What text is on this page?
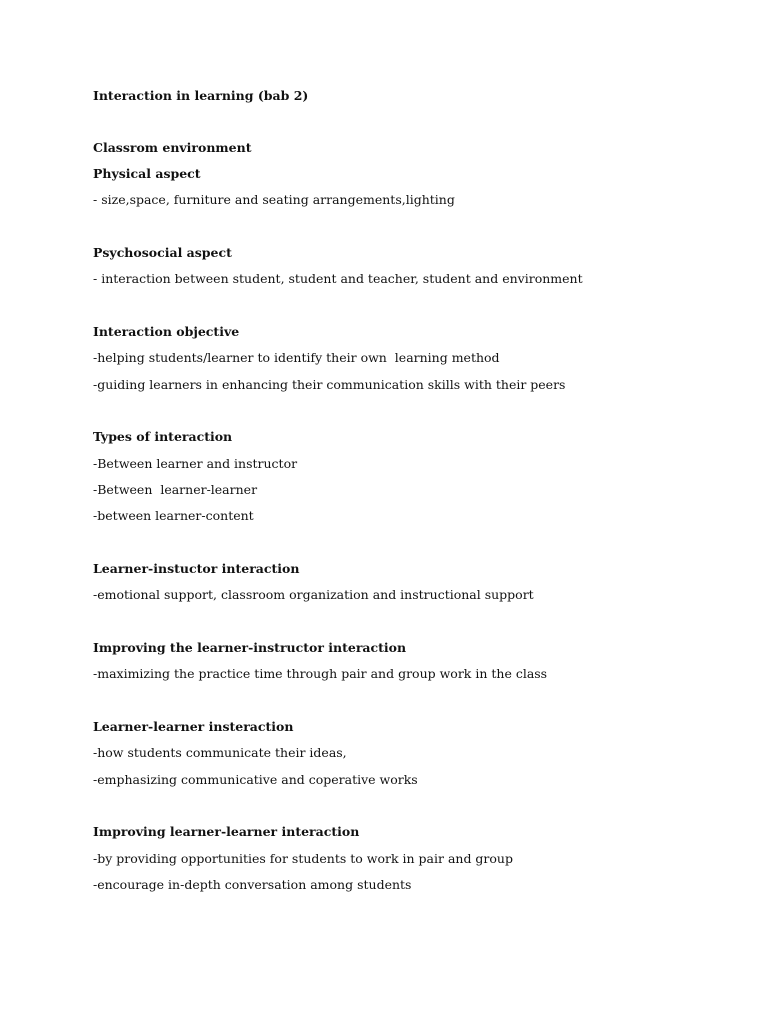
Interaction in learning (bab 2)
Classrom environment
Physical aspect
- size,space, furniture and seating arrangements,lighting
Psychosocial aspect
- interaction between student, student and teacher, student and environment
Interaction objective
-helping students/learner to identify their own  learning method
-guiding learners in enhancing their communication skills with their peers
Types of interaction
-Between learner and instructor
-Between  learner-learner
-between learner-content
Learner-instuctor interaction
-emotional support, classroom organization and instructional support
Improving the learner-instructor interaction
-maximizing the practice time through pair and group work in the class
Learner-learner insteraction
-how students communicate their ideas,
-emphasizing communicative and coperative works
Improving learner-learner interaction
-by providing opportunities for students to work in pair and group
-encourage in-depth conversation among students
